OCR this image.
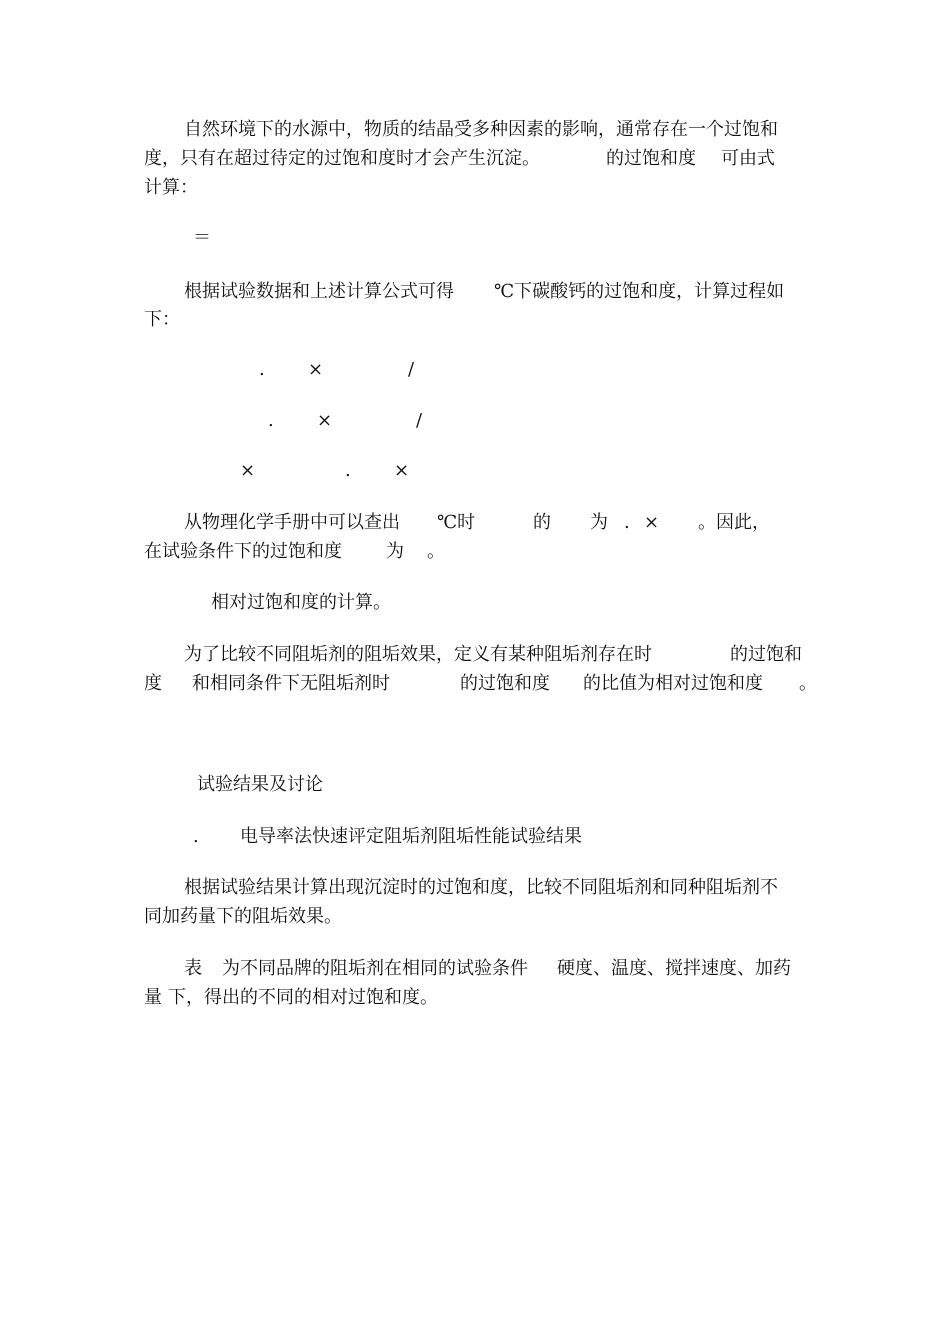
自然环境下的水源中，物质的结晶受多种因素的影响，通常存在一个过饱和

度，只有在超过待定的过饱和度时才会产生沉淀。

	的过饱和度

可由式

计算：
＝

根据试验数据和上述计算公式可得

℃下碳酸钙的过饱和度，计算过程如

下：

.

×

	/

.

×

	/

×

	.

×

从物理化学手册中可以查出

℃时

	的

为

.

×

。因此，

在试验条件下的过饱和度

为

。

相对过饱和度的计算。

为了比较不同阻垢剂的阻垢效果，定义有某种阻垢剂存在时

	的过饱和

度

和相同条件下无阻垢剂时

	的过饱和度

的比值为相对过饱和度

。

试验结果及讨论

.

电导率法快速评定阻垢剂阻垢性能试验结果

根据试验结果计算出现沉淀时的过饱和度，比较不同阻垢剂和同种阻垢剂不
同加药量下的阻垢效果。

表

为不同品牌的阻垢剂在相同的试验条件

硬度、温度、搅拌速度、加药

量

下，得出的不同的相对过饱和度。
